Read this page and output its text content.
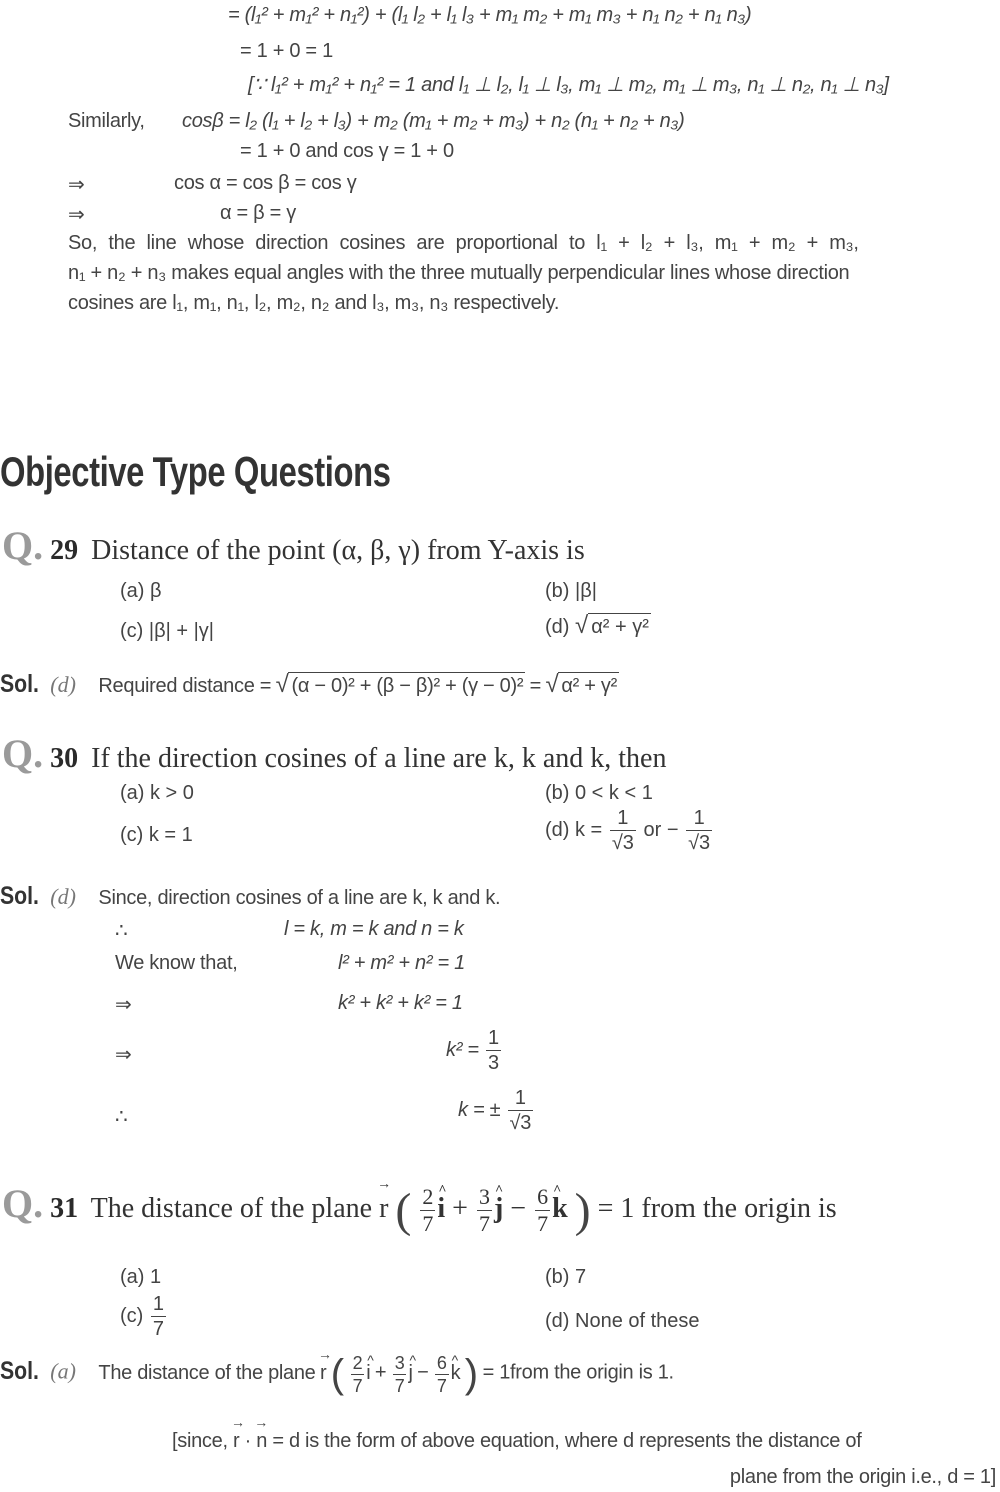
= (l₁² + m₁² + n₁²) + (l₁ l₂ + l₁ l₃ + m₁ m₂ + m₁ m₃ + n₁ n₂ + n₁ n₃)
= 1 + 0 = 1
[∵ l₁² + m₁² + n₁² = 1 and l₁ ⊥ l₂, l₁ ⊥ l₃, m₁ ⊥ m₂, m₁ ⊥ m₃, n₁ ⊥ n₂, n₁ ⊥ n₃]
Similarly, cosβ = l₂ (l₁ + l₂ + l₃) + m₂ (m₁ + m₂ + m₃) + n₂ (n₁ + n₂ + n₃)
= 1 + 0 and cos γ = 1 + 0
⇒	cos α = cos β = cos γ
⇒	α = β = γ
So, the line whose direction cosines are proportional to l₁ + l₂ + l₃, m₁ + m₂ + m₃,
n₁ + n₂ + n₃ makes equal angles with the three mutually perpendicular lines whose direction
cosines are l₁, m₁, n₁, l₂, m₂, n₂ and l₃, m₃, n₃ respectively.
Objective Type Questions
Q. 29 Distance of the point (α, β, γ) from Y-axis is
(a) β	(b) |β|
(c) |β| + |γ|	(d) √ α² + γ²
Sol. (d) Required distance = √ (α − 0)² + (β − β)² + (γ − 0)² = √ α² + γ²
Q. 30 If the direction cosines of a line are k, k and k, then
(a) k > 0	(b) 0 < k < 1
(c) k = 1	(d) $k = \frac{1}{√3}$ or − $\frac{1}{√3}$
Sol. (d) Since, direction cosines of a line are k, k and k.
∴	l = k, m = k and n = k
We know that,	l² + m² + n² = 1
⇒	k² + k² + k² = 1
⇒	$k^2 = \frac{1}{3}$
∴	k = ± $\frac{1}{√3}$
Q. 31 The distance of the plane → r ( $\frac{2}{7}$ ^ $i + \frac{3}{7}$ ^ $j - \frac{6}{7}$ ^ k ) = 1 from the origin is
(a) 1	(b) 7
$(c) \frac{1}{7}$	(d) None of these
Sol. (a) The distance of the plane → r ( $\frac{2}{7}$ ^ $i + \frac{3}{7}$ ^ $j - \frac{6}{7}$ ^ k ) = 1from the origin is 1.
[since, → r · → n = d is the form of above equation, where d represents the distance of
plane from the origin i.e., d = 1]
